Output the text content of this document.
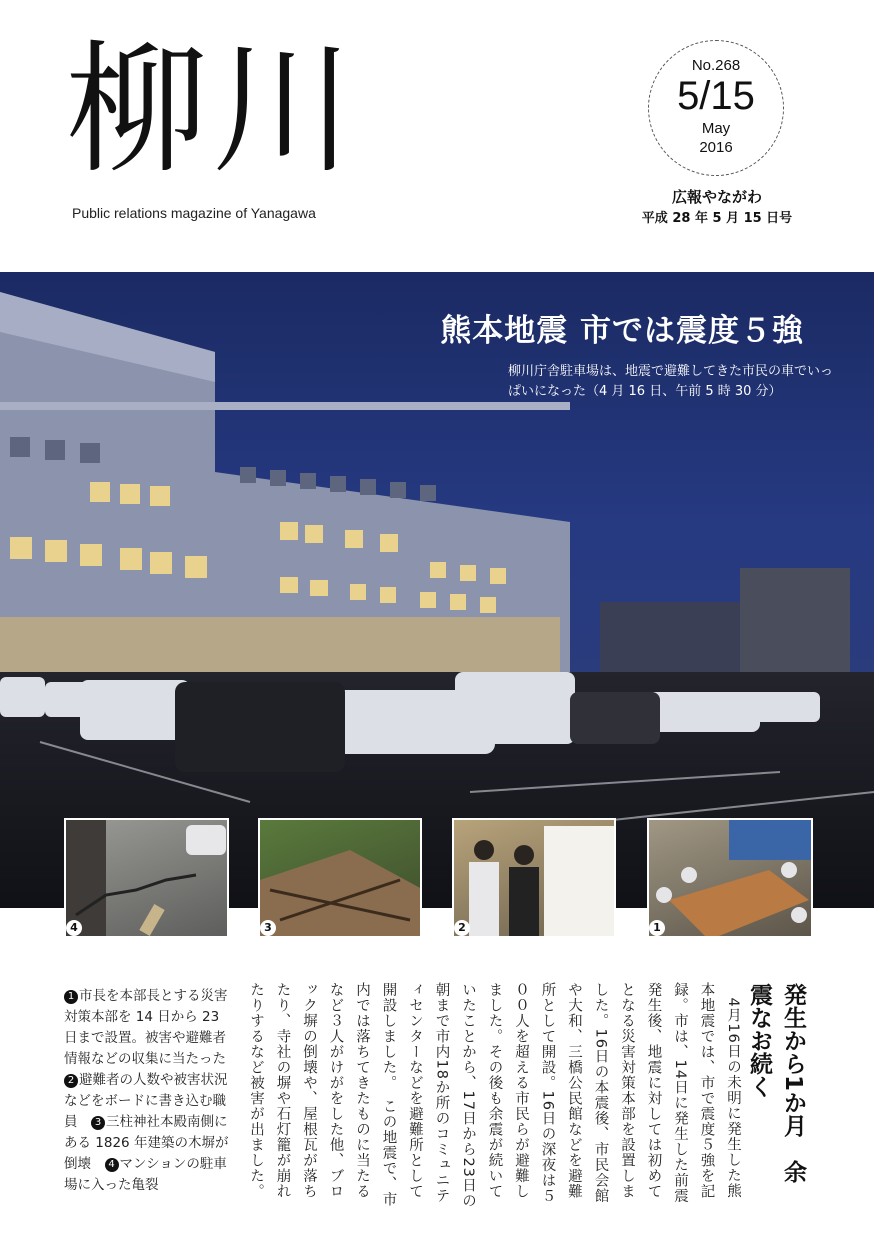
柳川
Public relations magazine of Yanagawa
No.268
5/15
May
2016
広報やながわ
平成 28 年 5 月 15 日号
熊本地震 市では震度５強
柳川庁舎駐車場は、地震で避難してきた市民の車でいっぱいになった（4 月 16 日、午前 5 時 30 分）
4	3	2	1
発生から1か月　余震なお続く
　4月16日の未明に発生した熊本地震では、市で震度５強を記録。市は、14日に発生した前震発生後、地震に対しては初めてとなる災害対策本部を設置しました。16日の本震後、市民会館や大和、三橋公民館などを避難所として開設。16日の深夜は５００人を超える市民らが避難しました。その後も余震が続いていたことから、17日から23日の朝まで市内18か所のコミュニティセンターなどを避難所として開設しました。　この地震で、市内では落ちてきたものに当たるなど３人がけがをした他、ブロック塀の倒壊や、屋根瓦が落ちたり、寺社の塀や石灯籠が崩れたりするなど被害が出ました。

1 市長を本部長とする災害対策本部を 14 日から 23 日まで設置。被害や避難者情報などの収集に当たった

2 避難者の人数や被害状況などをボードに書き込む職員　 3 三柱神社本殿南側にある 1826 年建築の木塀が倒壊　 4 マンションの駐車場に入った亀裂
